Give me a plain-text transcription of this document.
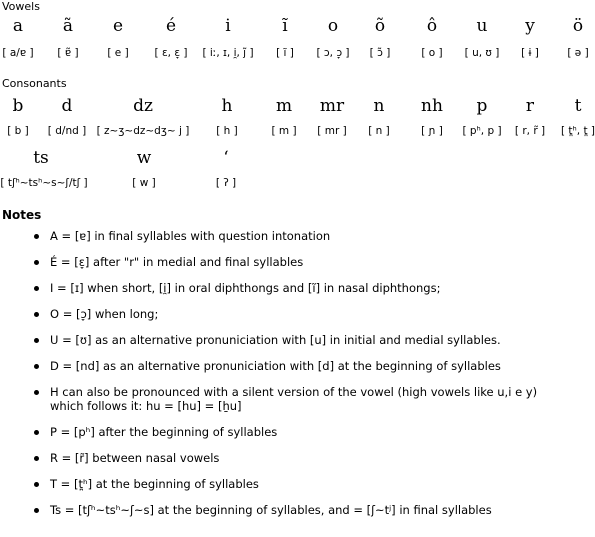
Vowels
a ã e	é	i	ĩ o õ ô u y ö
[ a/ɐ ] [ ɐ̃ ]	[ e ] [ ɛ, ɛ̞ ] [ iː, ɪ, i̯, j̃ ] [ ĩ ] [ ɔ, ɔ̞ ] [ ɔ̃ ]	[ o ] [ u, ʊ ] [ ɨ ]	[ ə ]
Consonants
b d	dz	h	m mr n nh p r t
[ b ] [ d/nd ] [ z~ʒ~dz~dʒ~ j ]	[ h ]	[ m ] [ mr ] [ n ]	[ ɲ ] [ pʰ, p ] [ r, r̃ ] [ t̪ʰ, t̪ ]
ts	w	‘
[ tʃʰ~tsʰ~s~ʃ/tʃ ]	[ w ]	[ ʔ ]
Notes
A = [ɐ] in final syllables with question intonation
É = [ɛ̞] after "r" in medial and final syllables
I = [ɪ] when short, [i̯] in oral diphthongs and [ĩ] in nasal diphthongs;
O = [ɔ̞] when long;
U = [ʊ] as an alternative pronuniciation with [u] in initial and medial syllables.
D = [nd] as an alternative pronuniciation with [d] at the beginning of syllables
H can also be pronounced with a silent version of the vowel (high vowels like u,i e y) which follows it: hu = [hu] = [ẖu]
P = [pʰ] after the beginning of syllables
R = [r̃] between nasal vowels
T = [t̪ʰ] at the beginning of syllables
Ts = [tʃʰ~tsʰ~ʃ~s] at the beginning of syllables, and = [ʃ~tʲ] in final syllables
